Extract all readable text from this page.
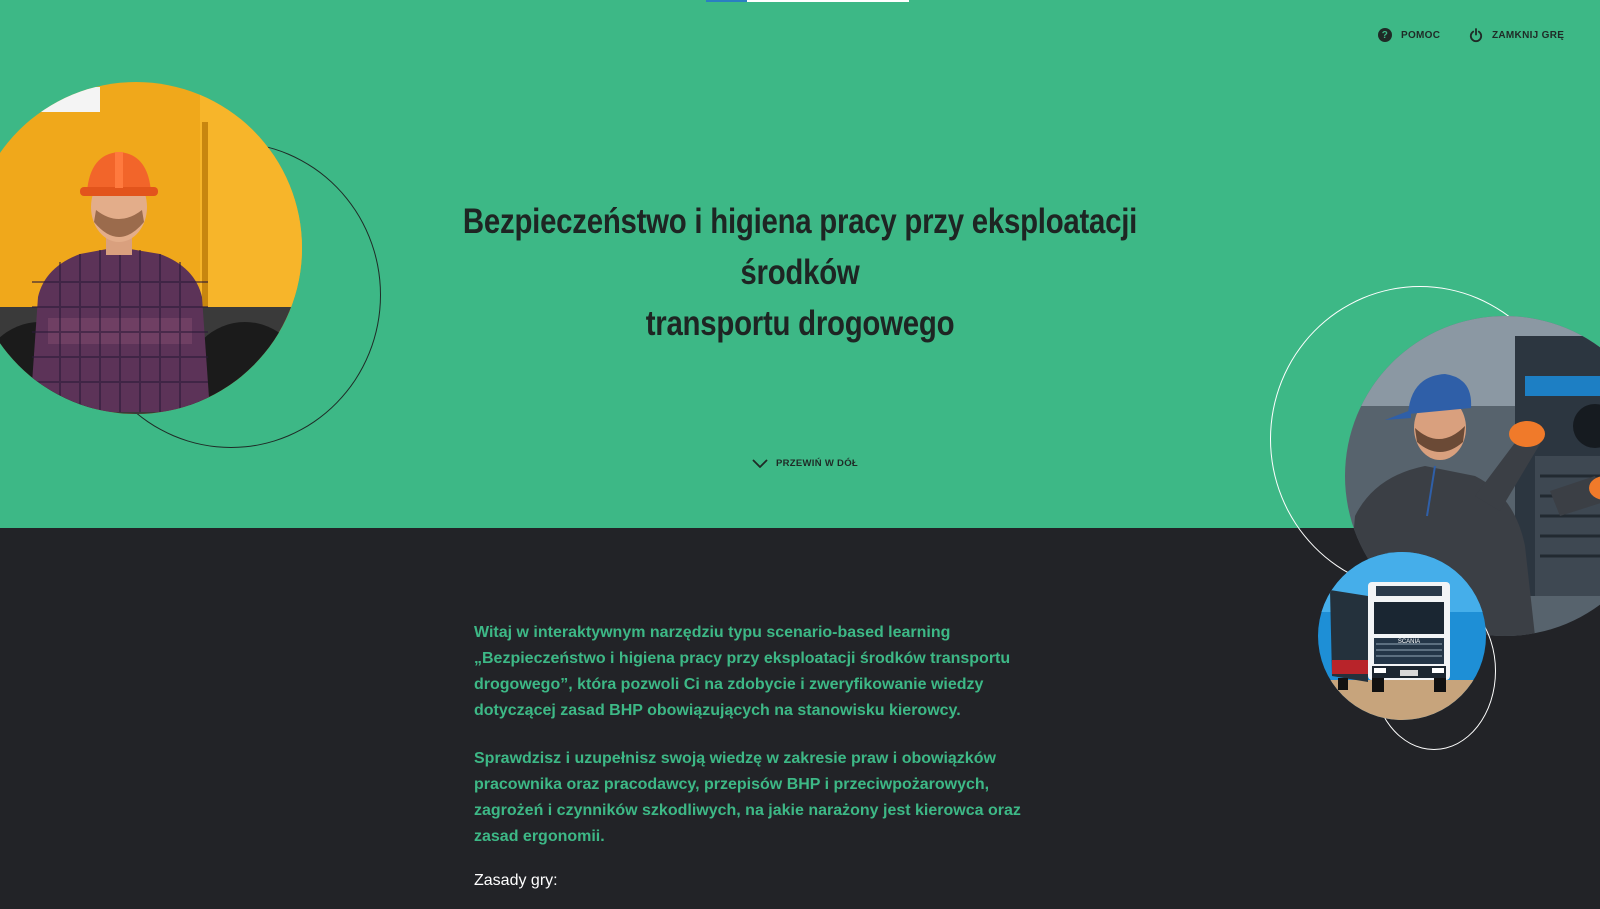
?	POMOC	ZAMKNIJ GRĘ
Bezpieczeństwo i higiena pracy przy eksploatacji środków
transportu drogowego
PRZEWIŃ W DÓŁ
SCANIA

Witaj w interaktywnym narzędziu typu scenario-based learning „Bezpieczeństwo i higiena pracy przy eksploatacji środków transportu drogowego”, która pozwoli Ci na zdobycie i zweryfikowanie wiedzy dotyczącej zasad BHP obowiązujących na stanowisku kierowcy.

Sprawdzisz i uzupełnisz swoją wiedzę w zakresie praw i obowiązków pracownika oraz pracodawcy, przepisów BHP i przeciwpożarowych, zagrożeń i czynników szkodliwych, na jakie narażony jest kierowca oraz zasad ergonomii.

Zasady gry:
